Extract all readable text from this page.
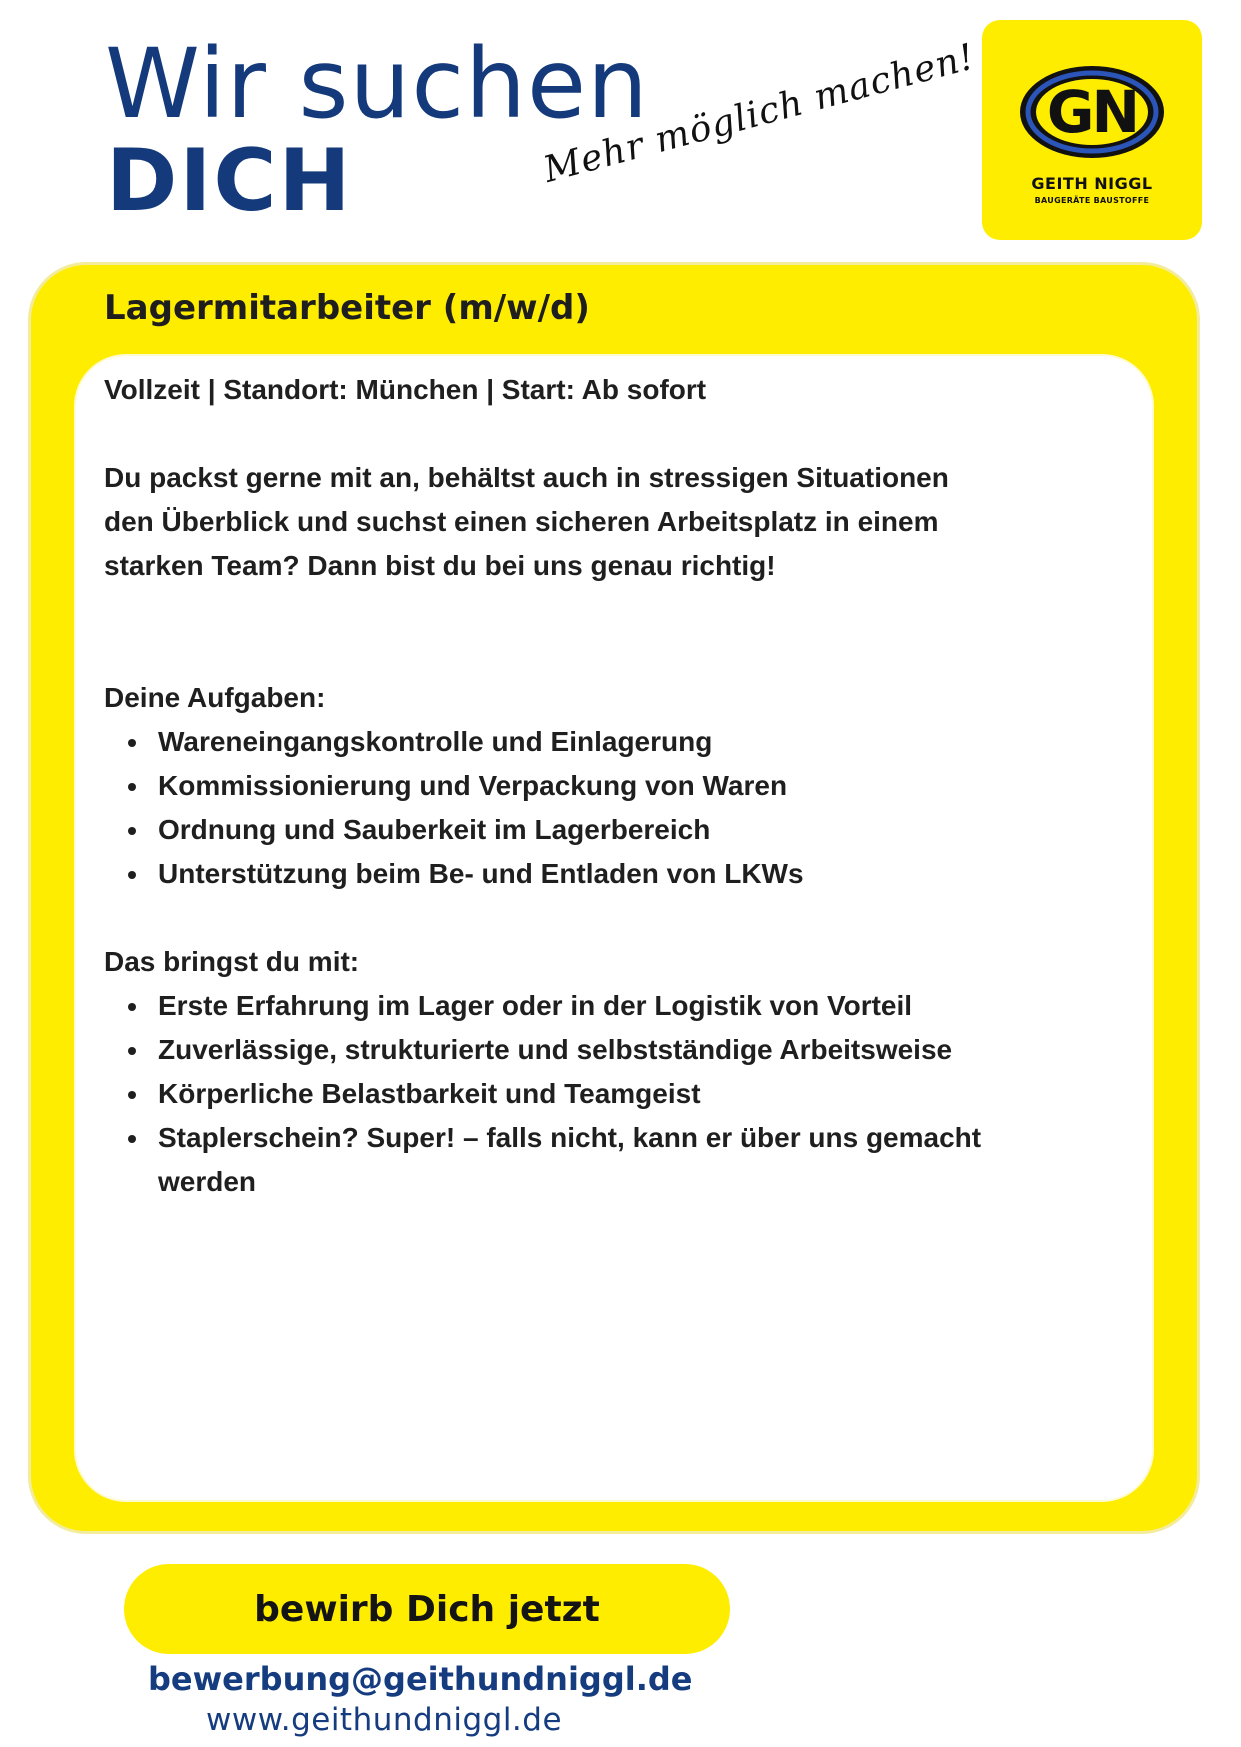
Wir suchen
DICH	Mehr möglich machen! GN
GEITH NIGGL
BAUGERÄTE BAUSTOFFE
Lagermitarbeiter (m/w/d)

Vollzeit | Standort: München | Start: Ab sofort

Du packst gerne mit an, behältst auch in stressigen Situationen den Überblick und suchst einen sicheren Arbeitsplatz in einem starken Team? Dann bist du bei uns genau richtig!

Deine Aufgaben:

Wareneingangskontrolle und Einlagerung
Kommissionierung und Verpackung von Waren
Ordnung und Sauberkeit im Lagerbereich
Unterstützung beim Be- und Entladen von LKWs

Das bringst du mit:

Erste Erfahrung im Lager oder in der Logistik von Vorteil
Zuverlässige, strukturierte und selbstständige Arbeitsweise
Körperliche Belastbarkeit und Teamgeist
Staplerschein? Super! – falls nicht, kann er über uns gemacht werden
bewirb Dich jetzt
bewerbung@geithundniggl.de
www.geithundniggl.de
